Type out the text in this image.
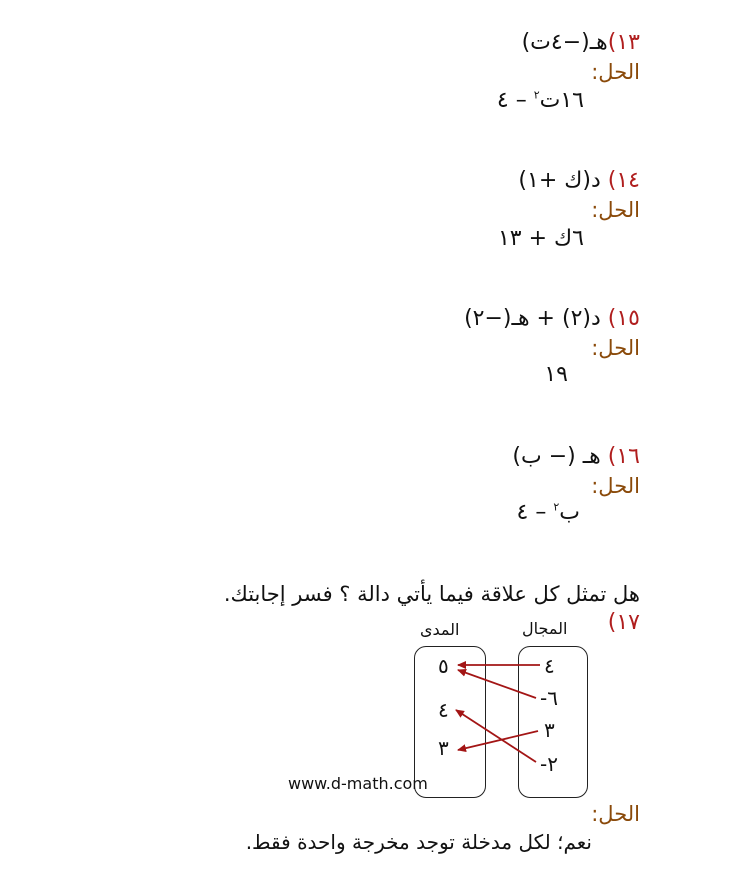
١٣)هـ(−٤ت)
الحل:
١٦ت$^٢$ – ٤
١٤) د(ك +١)
الحل:
٦ك + ١٣
١٥) د(٢) + هـ(−٢)
الحل:
١٩
١٦) هـ (− ب)
الحل:
ب$^٢$ – ٤
هل تمثل كل علاقة فيما يأتي دالة ؟ فسر إجابتك.
١٧)
المجال
المدى
٤
-٦
٣
-٢
٥
٤
٣
www.d-math.com
الحل:
نعم؛ لكل مدخلة توجد مخرجة واحدة فقط.
